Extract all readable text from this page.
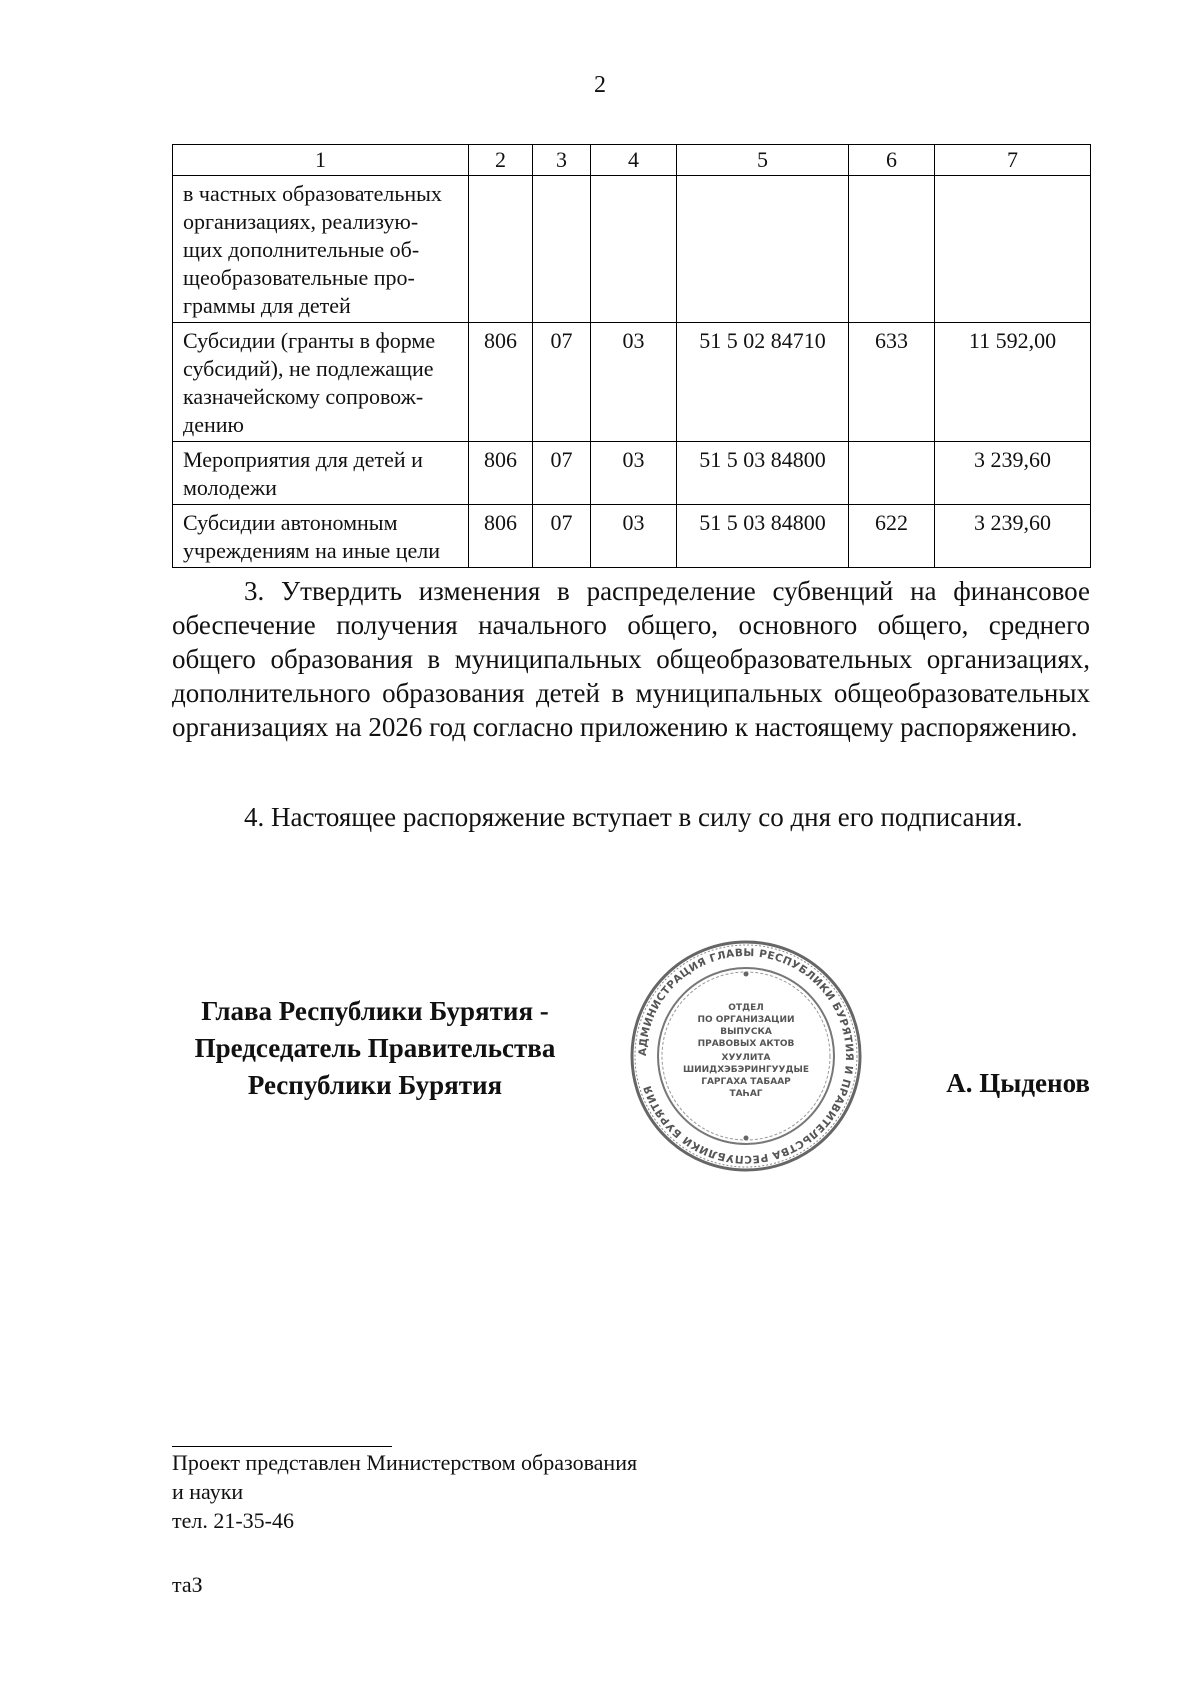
2
1	2	3	4	5	6	7

в частных образовательных
организациях, реализую-
щих дополнительные об-
щеобразовательные про-
граммы для детей						

Субсидии (гранты в форме
субсидий), не подлежащие
казначейскому сопровож-
дению	806	07	03	51 5 02 84710	633	11 592,00

Мероприятия для детей и
молодежи	806	07	03	51 5 03 84800		3 239,60

Субсидии автономным
учреждениям на иные цели	806	07	03	51 5 03 84800	622	3 239,60
3. Утвердить изменения в распределение субвенций на финансовое обеспечение получения начального общего, основного общего, среднего общего образования в муниципальных общеобразовательных организациях, дополнительного образования детей в муниципальных общеобразовательных организациях на 2026 год согласно приложению к настоящему распоряжению.
4. Настоящее распоряжение вступает в силу со дня его подписания.
Глава Республики Бурятия -
Председатель Правительства
Республики Бурятия
АДМИНИСТРАЦИЯ ГЛАВЫ РЕСПУБЛИКИ БУРЯТИЯ И ПРАВИТЕЛЬСТВА РЕСПУБЛИКИ БУРЯТИЯ
ОТДЕЛ
ПО ОРГАНИЗАЦИИ
ВЫПУСКА
ПРАВОВЫХ АКТОВ
ХУУЛИТА
ШИИДХЭБЭРИНГУУДЫЕ
ГАРГАХА ТАБААР
ТАҺАГ	А. Цыденов
Проект представлен Министерством образования
и науки
тел. 21-35-46
таЗ
